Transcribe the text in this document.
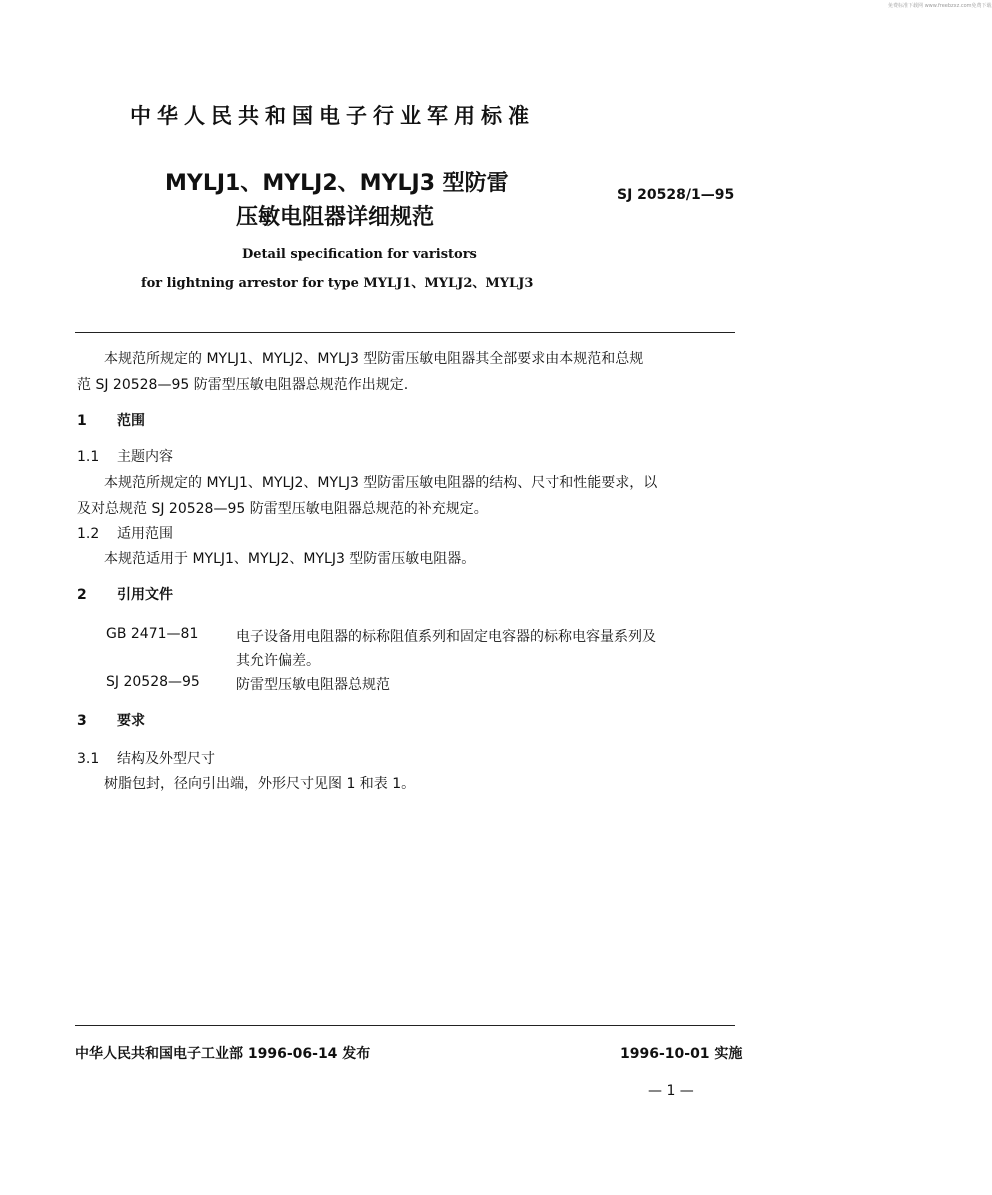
免费标准下载网 www.freebzxz.com免费下载
中华人民共和国电子行业军用标准
MYLJ1、MYLJ2、MYLJ3 型防雷
压敏电阻器详细规范
SJ 20528/1—95
Detail specification for varistors
for lightning arrestor for type MYLJ1、MYLJ2、MYLJ3
本规范所规定的 MYLJ1、MYLJ2、MYLJ3 型防雷压敏电阻器其全部要求由本规范和总规
范 SJ 20528—95 防雷型压敏电阻器总规范作出规定.
1 范围
1.1 主题内容
本规范所规定的 MYLJ1、MYLJ2、MYLJ3 型防雷压敏电阻器的结构、尺寸和性能要求，以
及对总规范 SJ 20528—95 防雷型压敏电阻器总规范的补充规定。
1.2 适用范围
本规范适用于 MYLJ1、MYLJ2、MYLJ3 型防雷压敏电阻器。
2 引用文件
GB 2471—81	电子设备用电阻器的标称阻值系列和固定电容器的标称电容量系列及
其允许偏差。
SJ 20528—95	防雷型压敏电阻器总规范
3 要求
3.1 结构及外型尺寸
树脂包封，径向引出端，外形尺寸见图 1 和表 1。
中华人民共和国电子工业部 1996-06-14 发布	1996-10-01 实施
— 1 —
